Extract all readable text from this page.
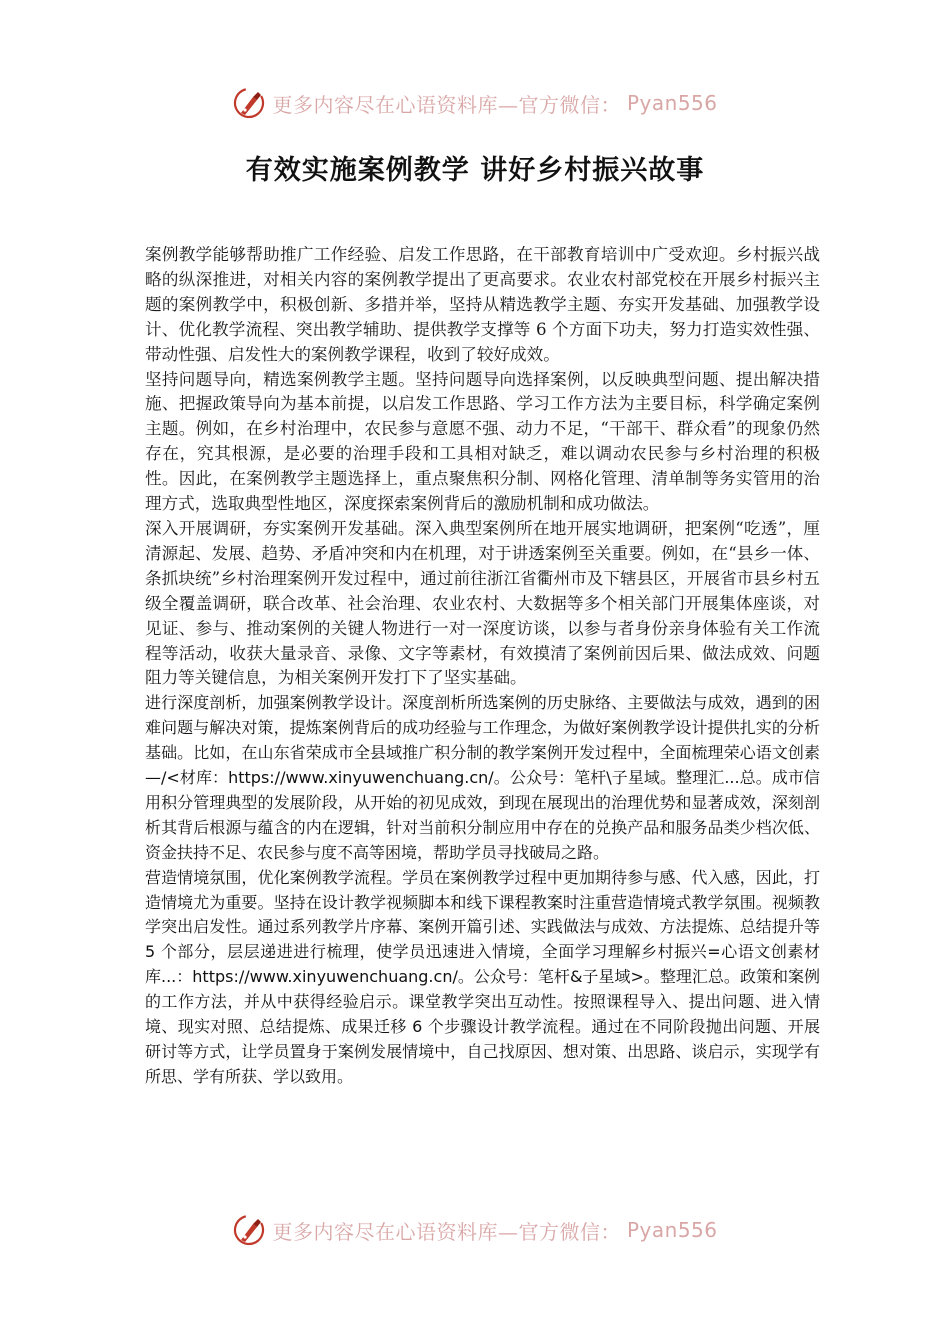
更多内容尽在心语资料库—官方微信： Pyan556
有效实施案例教学 讲好乡村振兴故事

案例教学能够帮助推广工作经验、启发工作思路，在干部教育培训中广受欢迎。乡村振兴战略的纵深推进，对相关内容的案例教学提出了更高要求。农业农村部党校在开展乡村振兴主题的案例教学中，积极创新、多措并举，坚持从精选教学主题、夯实开发基础、加强教学设计、优化教学流程、突出教学辅助、提供教学支撑等 6 个方面下功夫，努力打造实效性强、带动性强、启发性大的案例教学课程，收到了较好成效。

坚持问题导向，精选案例教学主题。坚持问题导向选择案例，以反映典型问题、提出解决措施、把握政策导向为基本前提，以启发工作思路、学习工作方法为主要目标，科学确定案例主题。例如，在乡村治理中，农民参与意愿不强、动力不足，“干部干、群众看”的现象仍然存在，究其根源，是必要的治理手段和工具相对缺乏，难以调动农民参与乡村治理的积极性。因此，在案例教学主题选择上，重点聚焦积分制、网格化管理、清单制等务实管用的治理方式，选取典型性地区，深度探索案例背后的激励机制和成功做法。

深入开展调研，夯实案例开发基础。深入典型案例所在地开展实地调研，把案例“吃透”，厘清源起、发展、趋势、矛盾冲突和内在机理，对于讲透案例至关重要。例如，在“县乡一体、条抓块统”乡村治理案例开发过程中，通过前往浙江省衢州市及下辖县区，开展省市县乡村五级全覆盖调研，联合改革、社会治理、农业农村、大数据等多个相关部门开展集体座谈，对见证、参与、推动案例的关键人物进行一对一深度访谈，以参与者身份亲身体验有关工作流程等活动，收获大量录音、录像、文字等素材，有效摸清了案例前因后果、做法成效、问题阻力等关键信息，为相关案例开发打下了坚实基础。

进行深度剖析，加强案例教学设计。深度剖析所选案例的历史脉络、主要做法与成效，遇到的困难问题与解决对策，提炼案例背后的成功经验与工作理念，为做好案例教学设计提供扎实的分析基础。比如，在山东省荣成市全县域推广积分制的教学案例开发过程中，全面梳理荣心语文创素—/<材库：https://www.xinyuwenchuang.cn/。公众号：笔杆\子星域。整理汇...总。成市信用积分管理典型的发展阶段，从开始的初见成效，到现在展现出的治理优势和显著成效，深刻剖析其背后根源与蕴含的内在逻辑，针对当前积分制应用中存在的兑换产品和服务品类少档次低、资金扶持不足、农民参与度不高等困境，帮助学员寻找破局之路。

营造情境氛围，优化案例教学流程。学员在案例教学过程中更加期待参与感、代入感，因此，打造情境尤为重要。坚持在设计教学视频脚本和线下课程教案时注重营造情境式教学氛围。视频教学突出启发性。通过系列教学片序幕、案例开篇引述、实践做法与成效、方法提炼、总结提升等 5 个部分，层层递进进行梳理，使学员迅速进入情境，全面学习理解乡村振兴=心语文创素材库...：https://www.xinyuwenchuang.cn/。公众号：笔杆&子星域>。整理汇总。政策和案例的工作方法，并从中获得经验启示。课堂教学突出互动性。按照课程导入、提出问题、进入情境、现实对照、总结提炼、成果迁移 6 个步骤设计教学流程。通过在不同阶段抛出问题、开展研讨等方式，让学员置身于案例发展情境中，自己找原因、想对策、出思路、谈启示，实现学有所思、学有所获、学以致用。

更多内容尽在心语资料库—官方微信： Pyan556
